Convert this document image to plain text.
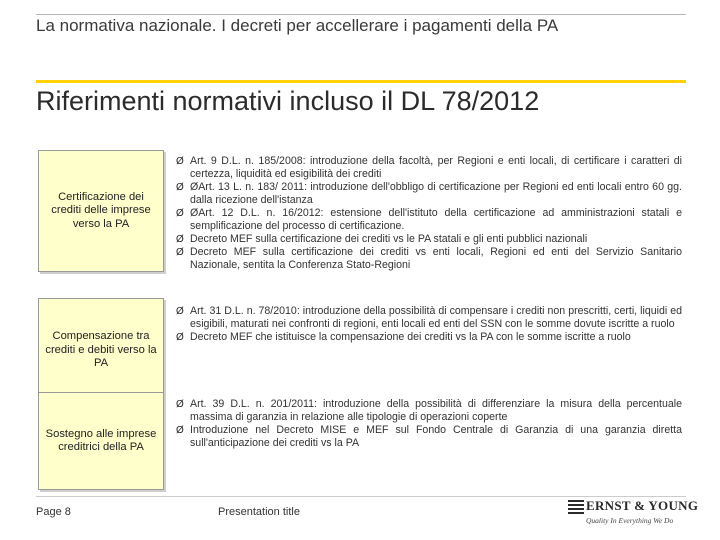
La normativa nazionale. I decreti per accellerare i pagamenti della PA
Riferimenti normativi incluso il DL 78/2012
Certificazione dei crediti delle imprese verso la PA
Compensazione tra crediti e debiti verso la PA
Sostegno alle imprese creditrici della PA
Ø Art. 9 D.L. n. 185/2008: introduzione della facoltà, per Regioni e enti locali, di certificare i caratteri di certezza, liquidità ed esigibilità dei crediti
Ø ØArt. 13 L. n. 183/ 2011: introduzione dell'obbligo di certificazione per Regioni ed enti locali entro 60 gg. dalla ricezione dell'istanza
Ø ØArt. 12 D.L. n. 16/2012: estensione dell'istituto della certificazione ad amministrazioni statali e semplificazione del processo di certificazione.
Ø Decreto MEF sulla certificazione dei crediti vs le PA statali e gli enti pubblici nazionali
Ø Decreto MEF sulla certificazione dei crediti vs enti locali, Regioni ed enti del Servizio Sanitario Nazionale, sentita la Conferenza Stato-Regioni
Ø Art. 31 D.L. n. 78/2010: introduzione della possibilità di compensare i crediti non prescritti, certi, liquidi ed esigibili, maturati nei confronti di regioni, enti locali ed enti del SSN con le somme dovute iscritte a ruolo
Ø Decreto MEF che istituisce la compensazione dei crediti vs la PA con le somme iscritte a ruolo
Ø Art. 39 D.L. n. 201/2011: introduzione della possibilità di differenziare la misura della percentuale massima di garanzia in relazione alle tipologie di operazioni coperte
Ø Introduzione nel Decreto MISE e MEF sul Fondo Centrale di Garanzia di una garanzia diretta sull'anticipazione dei crediti vs la PA
Page 8	Presentation title	ERNST & YOUNG
Quality In Everything We Do
